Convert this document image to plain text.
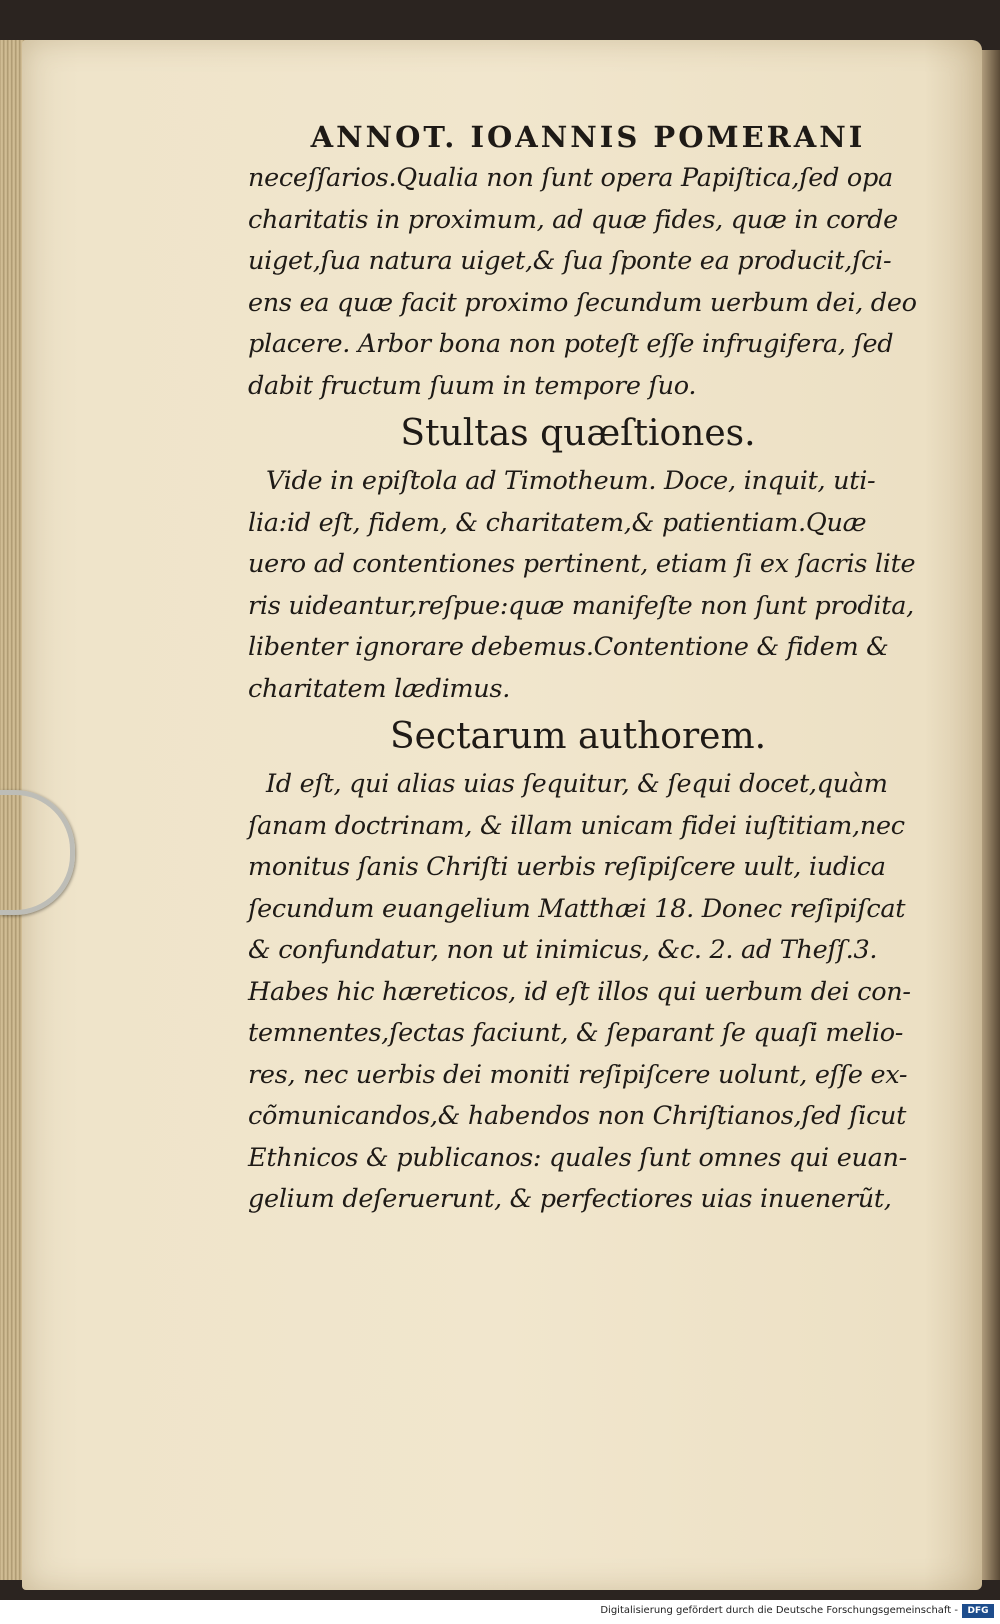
ANNOT. IOANNIS POMERANI
neceſſarios.Qualia non ſunt opera Papiſtica,ſed opa
charitatis in proximum, ad quæ fides, quæ in corde
uiget,ſua natura uiget,& ſua ſponte ea producit,ſci-
ens ea quæ facit proximo ſecundum uerbum dei, deo
placere. Arbor bona non poteſt eſſe infrugifera, ſed
dabit fructum ſuum in tempore ſuo.
Stultas quæſtiones.
Vide in epiſtola ad Timotheum. Doce, inquit, uti-
lia:id eſt, fidem, & charitatem,& patientiam.Quæ
uero ad contentiones pertinent, etiam ſi ex ſacris lite
ris uideantur,reſpue:quæ manifeſte non ſunt prodita,
libenter ignorare debemus.Contentione & fidem &
charitatem lædimus.
Sectarum authorem.
Id eſt, qui alias uias ſequitur, & ſequi docet,quàm
ſanam doctrinam, & illam unicam fidei iuſtitiam,nec
monitus ſanis Chriſti uerbis reſipiſcere uult, iudica
ſecundum euangelium Matthæi 18. Donec reſipiſcat
& confundatur, non ut inimicus, &c. 2. ad Theſſ.3.
Habes hic hæreticos, id eſt illos qui uerbum dei con-
temnentes,ſectas faciunt, & ſeparant ſe quaſi melio-
res, nec uerbis dei moniti reſipiſcere uolunt, eſſe ex-
cõmunicandos,& habendos non Chriſtianos,ſed ſicut
Ethnicos & publicanos: quales ſunt omnes qui euan-
gelium deſeruerunt, & perfectiores uias inuenerũt,
Digitalisierung gefördert durch die Deutsche Forschungsgemeinschaft -	DFG
